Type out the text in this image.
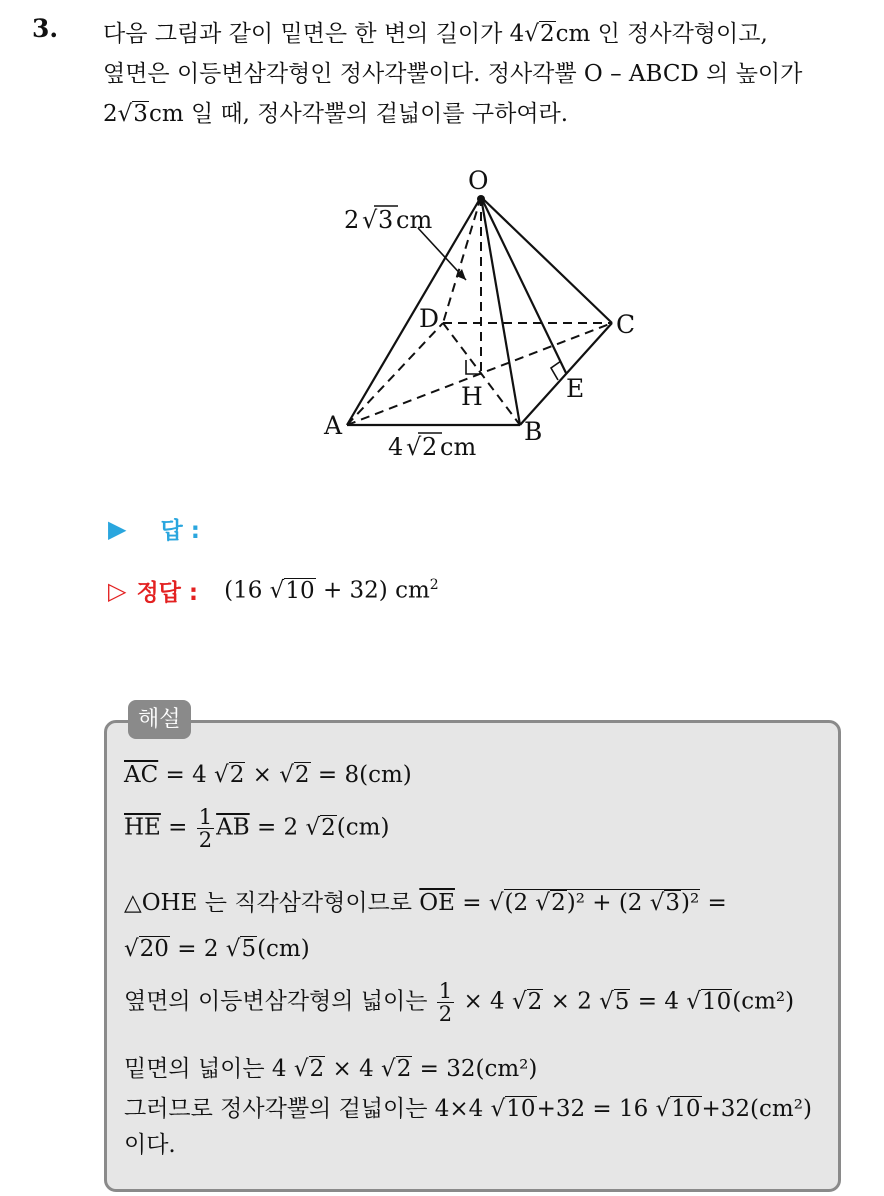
3. 다음 그림과 같이 밑면은 한 변의 길이가 4√2cm 인 정사각형이고,
옆면은 이등변삼각형인 정사각뿔이다. 정사각뿔 O – ABCD 의 높이가
2√3cm 일 때, 정사각뿔의 겉넓이를 구하여라.
O
A	B
C
D
H	E
2 √ 3 cm
4 √ 2 cm
▶ 답 :
▷ 정답 : (16 √10 + 32) $cm^2$
해설
$\overline{AC} = 4$ √2 × √2 = 8(cm)
$\overline{HE} = \frac{1}{2} \overline{AB} = 2$ √2(cm)
△OHE 는 직각삼각형이므로 $\overline{OE} = √(2$ √2)² + (2 √3)² =
√20 = 2 √5(cm)
옆면의 이등변삼각형의 넓이는 $\frac{1}{2} \times 4$ √2 × 2 √5 = 4 √10(cm²)
밑면의 넓이는 4 √2 × 4 √2 = 32(cm²)
그러므로 정사각뿔의 겉넓이는 4×4 √10+32 = 16 √10+32(cm²)
이다.
